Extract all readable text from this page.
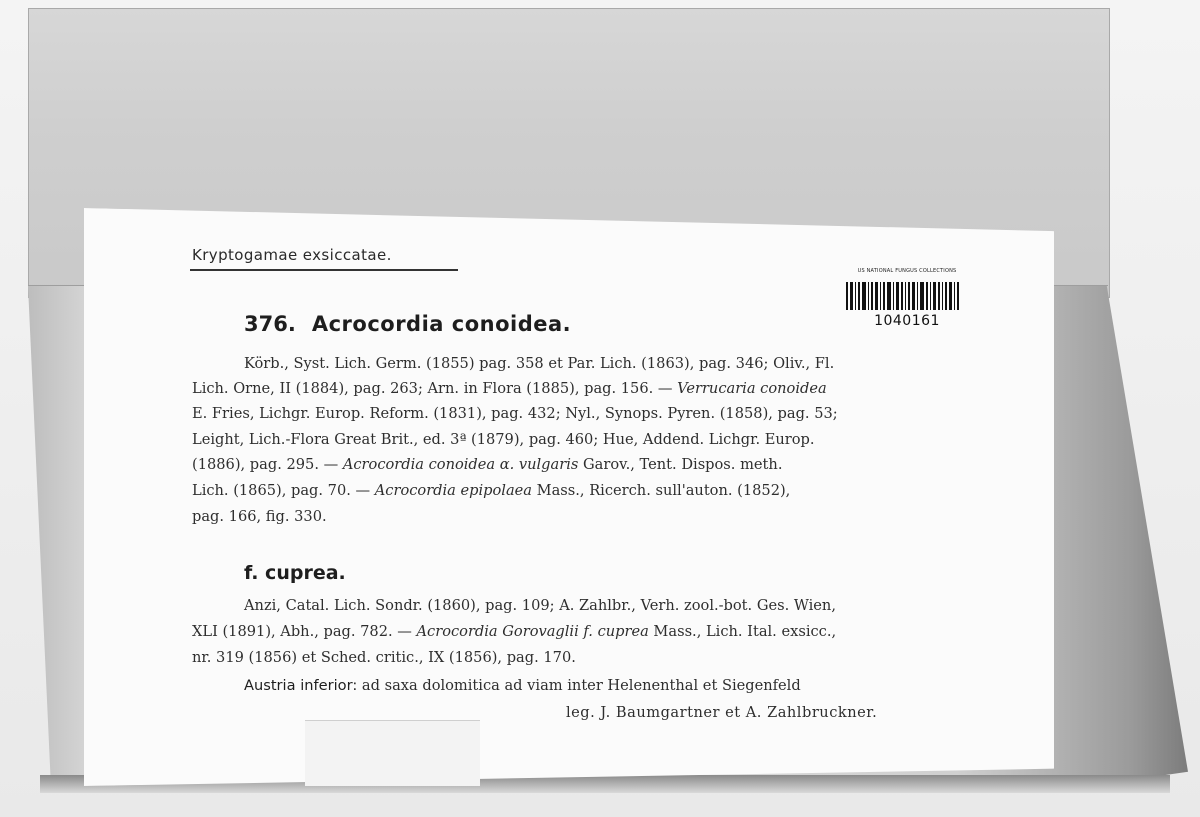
Kryptogamae exsiccatae.

US NATIONAL FUNGUS COLLECTIONS
1040161
376. Acrocordia conoidea.

Körb., Syst. Lich. Germ. (1855) pag. 358 et Par. Lich. (1863), pag. 346; Oliv., Fl.

Lich. Orne, II (1884), pag. 263; Arn. in Flora (1885), pag. 156. — Verrucaria conoidea

E. Fries, Lichgr. Europ. Reform. (1831), pag. 432; Nyl., Synops. Pyren. (1858), pag. 53;

Leight, Lich.-Flora Great Brit., ed. 3ª (1879), pag. 460; Hue, Addend. Lichgr. Europ.

(1886), pag. 295. — Acrocordia conoidea α. vulgaris Garov., Tent. Dispos. meth.

Lich. (1865), pag. 70. — Acrocordia epipolaea Mass., Ricerch. sull'auton. (1852),

pag. 166, fig. 330.

f. cuprea.

Anzi, Catal. Lich. Sondr. (1860), pag. 109; A. Zahlbr., Verh. zool.-bot. Ges. Wien,

XLI (1891), Abh., pag. 782. — Acrocordia Gorovaglii f. cuprea Mass., Lich. Ital. exsicc.,

nr. 319 (1856) et Sched. critic., IX (1856), pag. 170.

Austria inferior: ad saxa dolomitica ad viam inter Helenenthal et Siegenfeld

leg. J. Baumgartner et A. Zahlbruckner.
